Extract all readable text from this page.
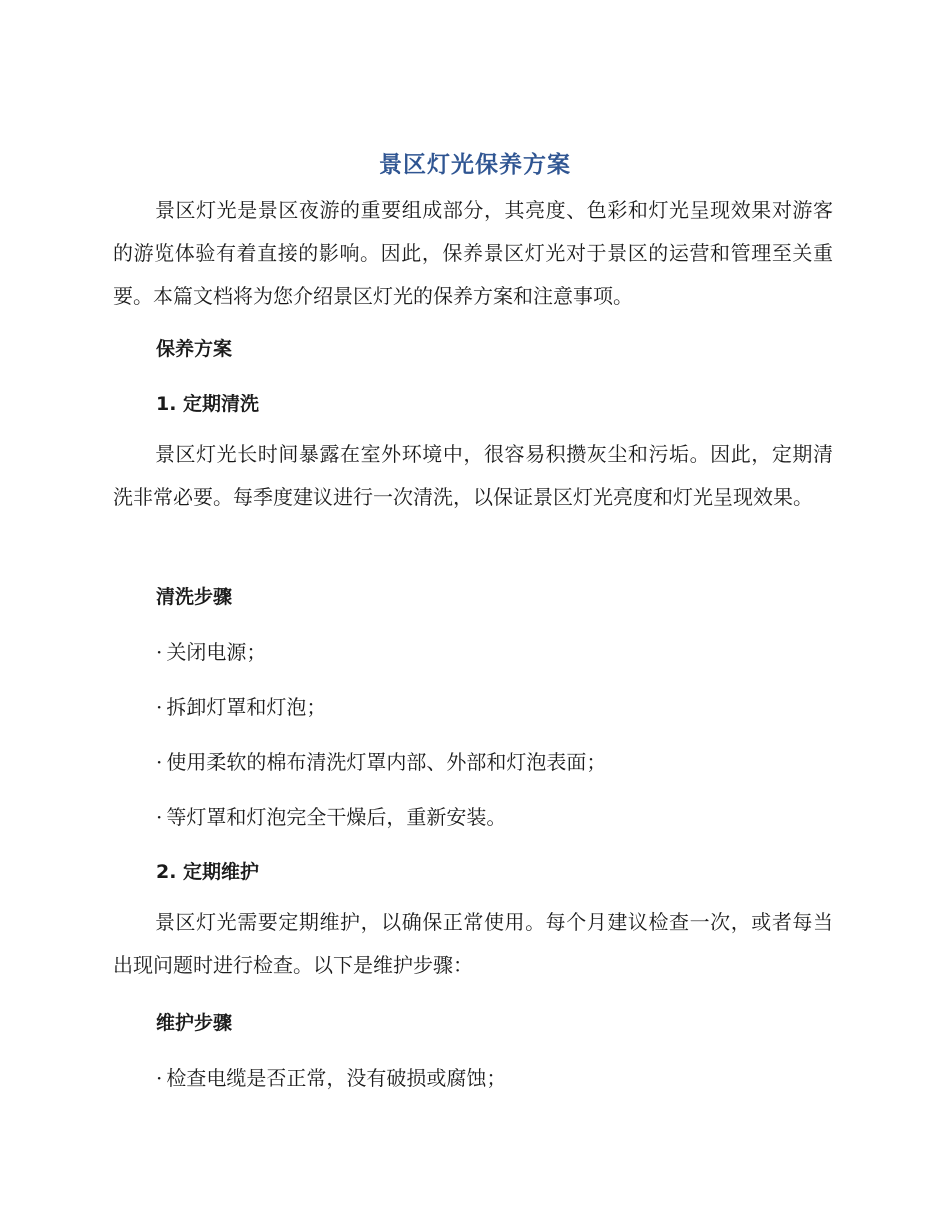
景区灯光保养方案

景区灯光是景区夜游的重要组成部分，其亮度、色彩和灯光呈现效果对游客的游览体验有着直接的影响。因此，保养景区灯光对于景区的运营和管理至关重要。本篇文档将为您介绍景区灯光的保养方案和注意事项。

保养方案
1. 定期清洗

景区灯光长时间暴露在室外环境中，很容易积攒灰尘和污垢。因此，定期清洗非常必要。每季度建议进行一次清洗，以保证景区灯光亮度和灯光呈现效果。

清洗步骤

· 关闭电源；

· 拆卸灯罩和灯泡；

· 使用柔软的棉布清洗灯罩内部、外部和灯泡表面；

· 等灯罩和灯泡完全干燥后，重新安装。

2. 定期维护

景区灯光需要定期维护，以确保正常使用。每个月建议检查一次，或者每当出现问题时进行检查。以下是维护步骤：

维护步骤

· 检查电缆是否正常，没有破损或腐蚀；
